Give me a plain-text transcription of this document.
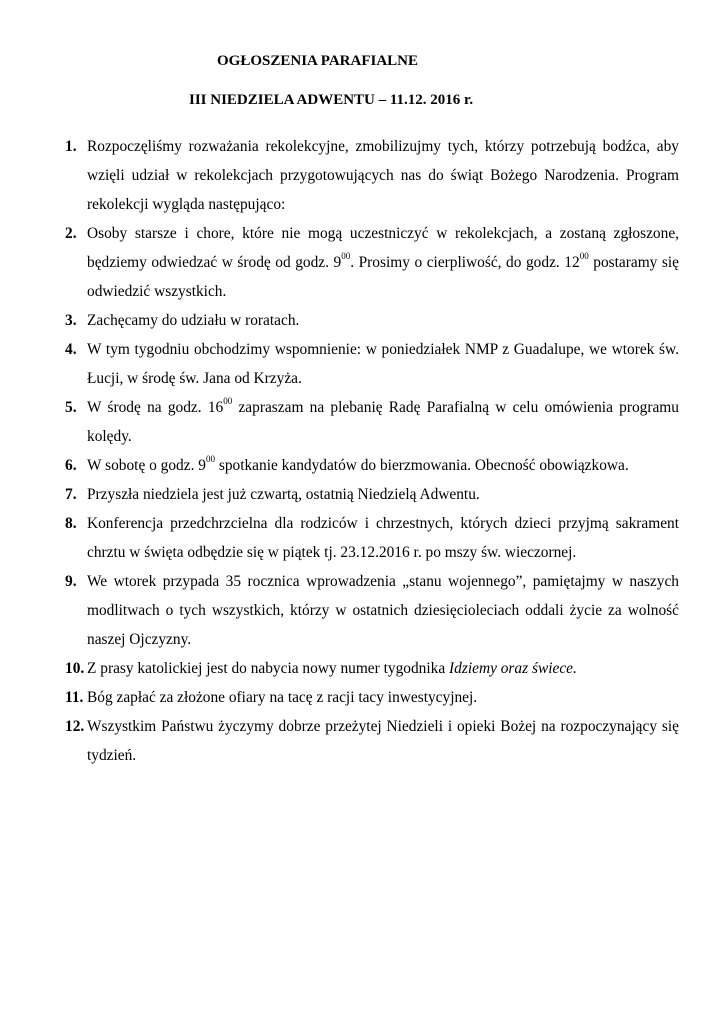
OGŁOSZENIA PARAFIALNE
III NIEDZIELA ADWENTU – 11.12. 2016 r.
1. Rozpoczęliśmy rozważania rekolekcyjne, zmobilizujmy tych, którzy potrzebują bodźca, aby wzięli udział w rekolekcjach przygotowujących nas do świąt Bożego Narodzenia. Program rekolekcji wygląda następująco:
2. Osoby starsze i chore, które nie mogą uczestniczyć w rekolekcjach, a zostaną zgłoszone, będziemy odwiedzać w środę od godz. $9^{00}$. Prosimy o cierpliwość, do godz. $12^{00}$ postaramy się odwiedzić wszystkich.
3. Zachęcamy do udziału w roratach.
4. W tym tygodniu obchodzimy wspomnienie: w poniedziałek NMP z Guadalupe, we wtorek św. Łucji, w środę św. Jana od Krzyża.
5. W środę na godz. $16^{00}$ zapraszam na plebanię Radę Parafialną w celu omówienia programu kolędy.
6. W sobotę o godz. $9^{00}$ spotkanie kandydatów do bierzmowania. Obecność obowiązkowa.
7. Przyszła niedziela jest już czwartą, ostatnią Niedzielą Adwentu.
8. Konferencja przedchrzcielna dla rodziców i chrzestnych, których dzieci przyjmą sakrament chrztu w święta odbędzie się w piątek tj. 23.12.2016 r. po mszy św. wieczornej.
9. We wtorek przypada 35 rocznica wprowadzenia „stanu wojennego”, pamiętajmy w naszych modlitwach o tych wszystkich, którzy w ostatnich dziesięcioleciach oddali życie za wolność naszej Ojczyzny.
10. Z prasy katolickiej jest do nabycia nowy numer tygodnika Idziemy oraz świece.
11. Bóg zapłać za złożone ofiary na tacę z racji tacy inwestycyjnej.
12. Wszystkim Państwu życzymy dobrze przeżytej Niedzieli i opieki Bożej na rozpoczynający się tydzień.
